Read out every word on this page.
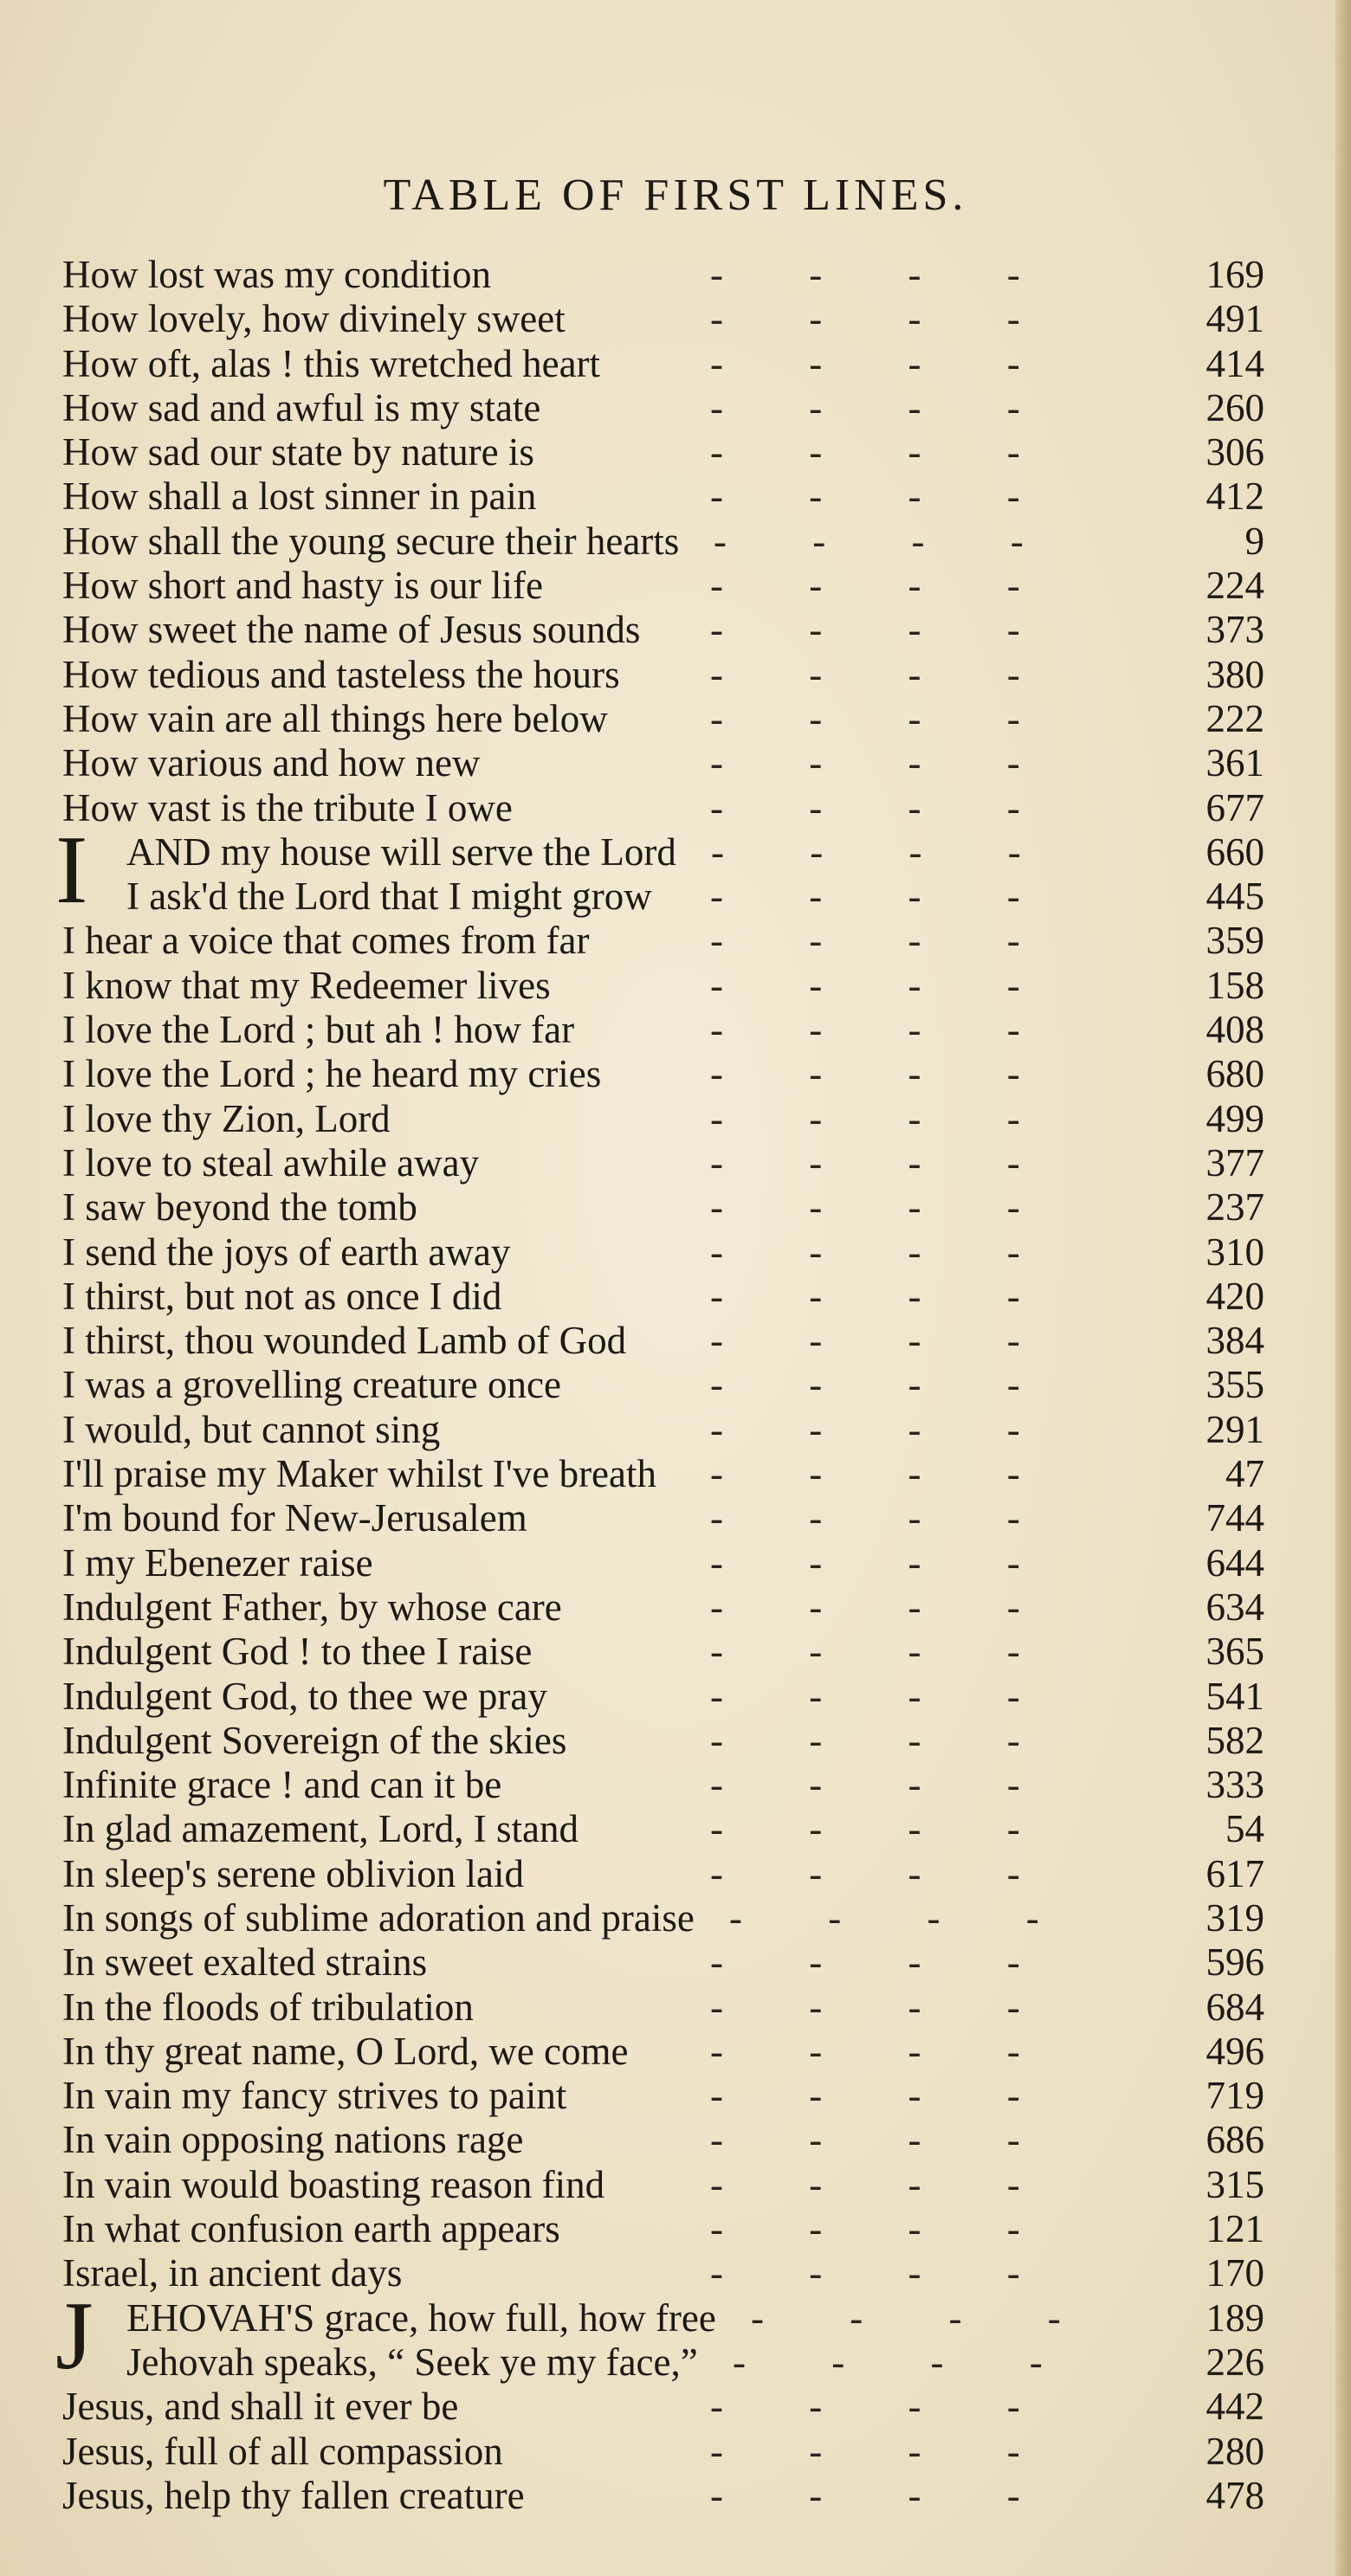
TABLE OF FIRST LINES.
How lost was my condition	169
- - - -
How lovely, how divinely sweet	491
- - - -
How oft, alas ! this wretched heart	414
- - - -
How sad and awful is my state	260
- - - -
How sad our state by nature is	306
- - - -
How shall a lost sinner in pain	412
- - - -
How shall the young secure their hearts	9
- - - -
How short and hasty is our life	224
- - - -
How sweet the name of Jesus sounds	373
- - - -
How tedious and tasteless the hours	380
- - - -
How vain are all things here below	222
- - - -
How various and how new	361
- - - -
How vast is the tribute I owe	677
- - - -
I AND my house will serve the Lord	660
- - - -
I ask'd the Lord that I might grow	445
- - - -
I hear a voice that comes from far	359
- - - -
I know that my Redeemer lives	158
- - - -
I love the Lord ; but ah ! how far	408
- - - -
I love the Lord ; he heard my cries	680
- - - -
I love thy Zion, Lord	499
- - - -
I love to steal awhile away	377
- - - -
I saw beyond the tomb	237
- - - -
I send the joys of earth away	310
- - - -
I thirst, but not as once I did	420
- - - -
I thirst, thou wounded Lamb of God	384
- - - -
I was a grovelling creature once	355
- - - -
I would, but cannot sing	291
- - - -
I'll praise my Maker whilst I've breath	47
- - - -
I'm bound for New-Jerusalem	744
- - - -
I my Ebenezer raise	644
- - - -
Indulgent Father, by whose care	634
- - - -
Indulgent God ! to thee I raise	365
- - - -
Indulgent God, to thee we pray	541
- - - -
Indulgent Sovereign of the skies	582
- - - -
Infinite grace ! and can it be	333
- - - -
In glad amazement, Lord, I stand	54
- - - -
In sleep's serene oblivion laid	617
- - - -
In songs of sublime adoration and praise	319
- - - -
In sweet exalted strains	596
- - - -
In the floods of tribulation	684
- - - -
In thy great name, O Lord, we come	496
- - - -
In vain my fancy strives to paint	719
- - - -
In vain opposing nations rage	686
- - - -
In vain would boasting reason find	315
- - - -
In what confusion earth appears	121
- - - -
Israel, in ancient days	170
- - - -
J EHOVAH'S grace, how full, how free	189
- - - -
Jehovah speaks, “ Seek ye my face,”	226
- - - -
Jesus, and shall it ever be	442
- - - -
Jesus, full of all compassion	280
- - - -
Jesus, help thy fallen creature	478
- - - -
